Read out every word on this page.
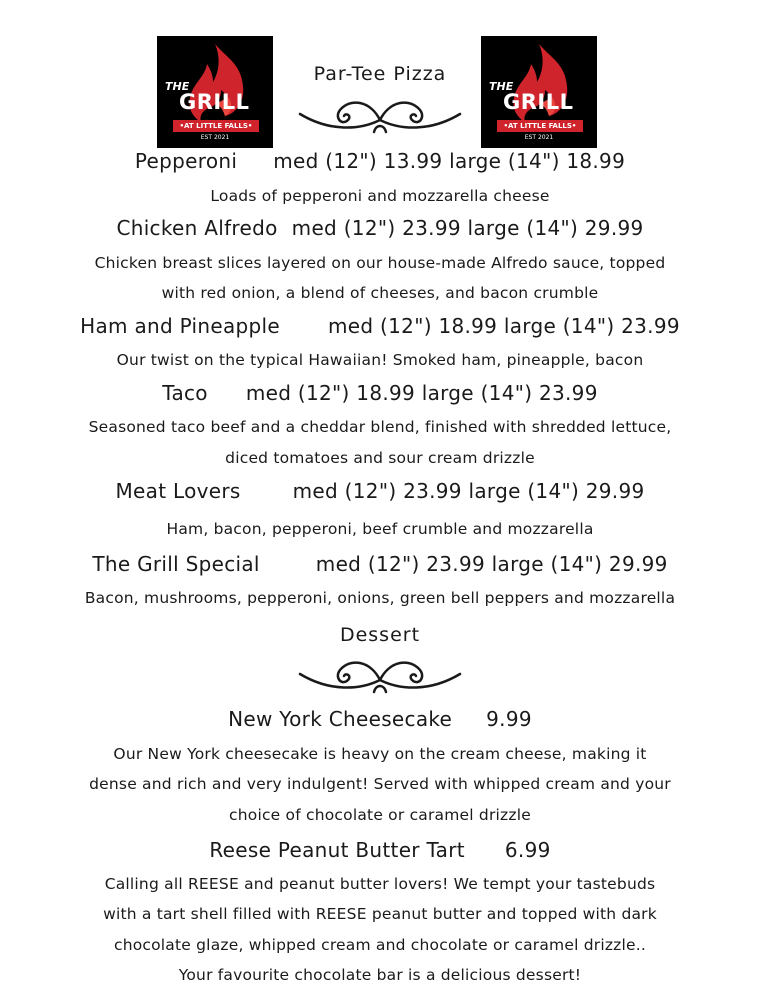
THE
GRILL
•AT LITTLE FALLS•
EST 2021
THE
GRILL
•AT LITTLE FALLS•
EST 2021
Par-Tee Pizza
Pepperoni med (12") 13.99 large (14") 18.99
Loads of pepperoni and mozzarella cheese
Chicken Alfredo med (12") 23.99 large (14") 29.99
Chicken breast slices layered on our house-made Alfredo sauce, topped
with red onion, a blend of cheeses, and bacon crumble
Ham and Pineapple med (12") 18.99 large (14") 23.99
Our twist on the typical Hawaiian! Smoked ham, pineapple, bacon
Taco med (12") 18.99 large (14") 23.99
Seasoned taco beef and a cheddar blend, finished with shredded lettuce,
diced tomatoes and sour cream drizzle
Meat Lovers	med (12") 23.99 large (14") 29.99
Ham, bacon, pepperoni, beef crumble and mozzarella
The Grill Special	med (12") 23.99 large (14") 29.99
Bacon, mushrooms, pepperoni, onions, green bell peppers and mozzarella
Dessert
New York Cheesecake 9.99
Our New York cheesecake is heavy on the cream cheese, making it
dense and rich and very indulgent! Served with whipped cream and your
choice of chocolate or caramel drizzle
Reese Peanut Butter Tart 6.99
Calling all REESE and peanut butter lovers! We tempt your tastebuds
with a tart shell filled with REESE peanut butter and topped with dark
chocolate glaze, whipped cream and chocolate or caramel drizzle..
Your favourite chocolate bar is a delicious dessert!
